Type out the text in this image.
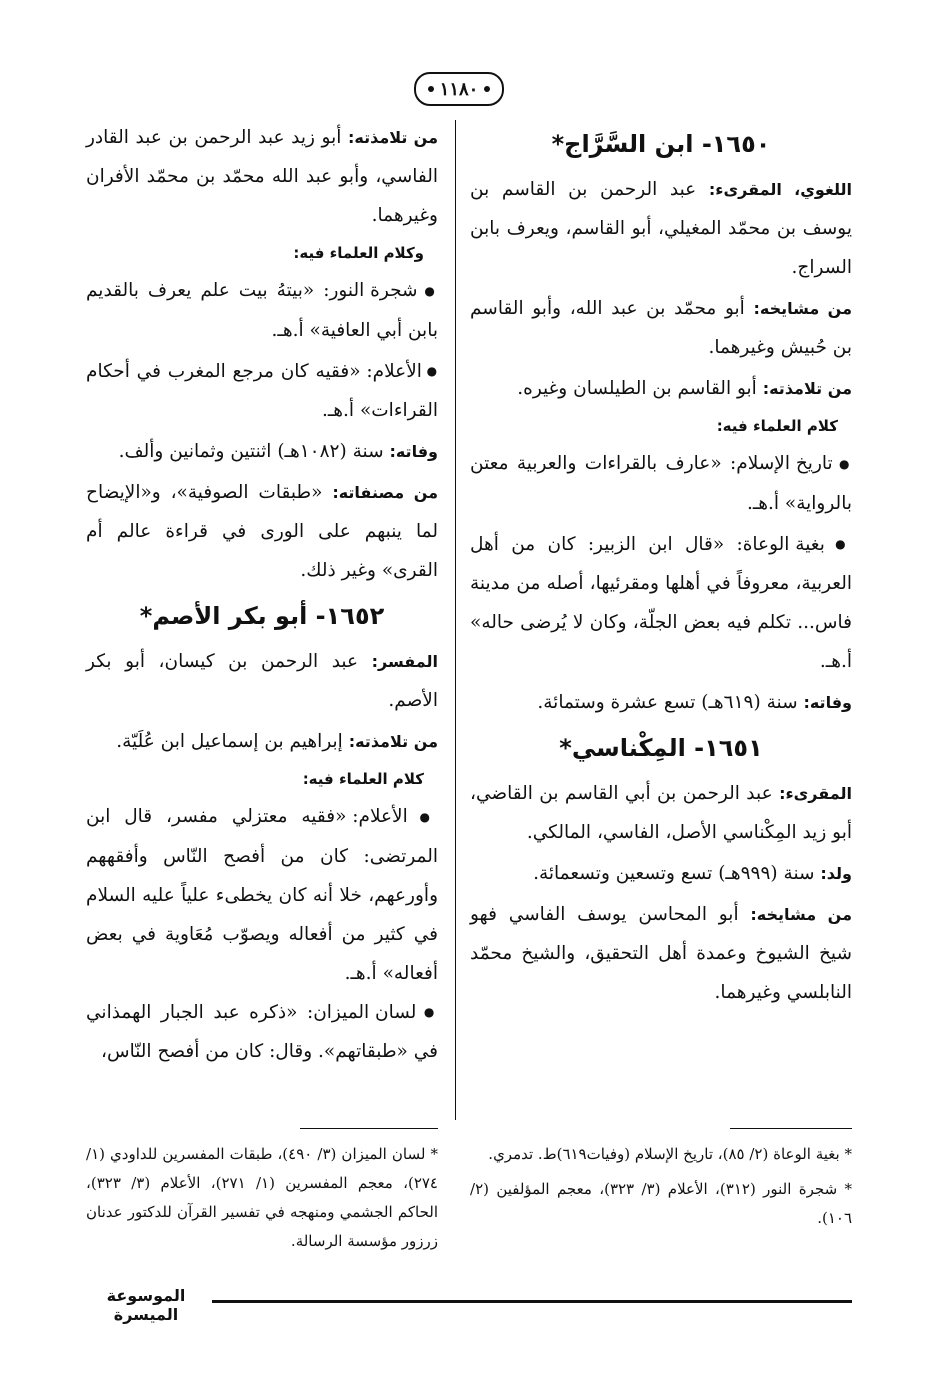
١١٨٠
١٦٥٠- ابن السَّرَّاج*

اللغوي، المقرىء: عبد الرحمن بن القاسم بن يوسف بن محمّد المغيلي، أبو القاسم، ويعرف بابن السراج.

من مشايخه: أبو محمّد بن عبد الله، وأبو القاسم بن حُبيش وغيرهما.

من تلامذته: أبو القاسم بن الطيلسان وغيره.

كلام العلماء فيه:

● تاريخ الإسلام: «عارف بالقراءات والعربية معتن بالرواية» أ.هـ.

● بغية الوعاة: «قال ابن الزبير: كان من أهل العربية، معروفاً في أهلها ومقرئيها، أصله من مدينة فاس... تكلم فيه بعض الجلّة، وكان لا يُرضى حاله» أ.هـ.

وفاته: سنة (٦١٩هـ) تسع عشرة وستمائة.

١٦٥١- المِكْناسي*

المقرىء: عبد الرحمن بن أبي القاسم بن القاضي، أبو زيد المِكْناسي الأصل، الفاسي، المالكي.

ولد: سنة (٩٩٩هـ) تسع وتسعين وتسعمائة.

من مشايخه: أبو المحاسن يوسف الفاسي فهو شيخ الشيوخ وعمدة أهل التحقيق، والشيخ محمّد النابلسي وغيرهما.

من تلامذته: أبو زيد عبد الرحمن بن عبد القادر الفاسي، وأبو عبد الله محمّد بن محمّد الأفران وغيرهما.

وكلام العلماء فيه:

● شجرة النور: «بيتهُ بيت علم يعرف بالقديم بابن أبي العافية» أ.هـ.

● الأعلام: «فقيه كان مرجع المغرب في أحكام القراءات» أ.هـ.

وفاته: سنة (١٠٨٢هـ) اثنتين وثمانين وألف.

من مصنفاته: «طبقات الصوفية»، و«الإيضاح لما ينبهم على الورى في قراءة عالم أم القرى» وغير ذلك.

١٦٥٢- أبو بكر الأصم*

المفسر: عبد الرحمن بن كيسان، أبو بكر الأصم.

من تلامذته: إبراهيم بن إسماعيل ابن عُلَيّة.

كلام العلماء فيه:

● الأعلام: «فقيه معتزلي مفسر، قال ابن المرتضى: كان من أفصح النّاس وأفقههم وأورعهم، خلا أنه كان يخطىء علياً عليه السلام في كثير من أفعاله ويصوّب مُعَاوية في بعض أفعاله» أ.هـ.

● لسان الميزان: «ذكره عبد الجبار الهمذاني في «طبقاتهم». وقال: كان من أفصح النّاس،

* بغية الوعاة (٢/ ٨٥)، تاريخ الإسلام (وفيات٦١٩)ط. تدمري.

* شجرة النور (٣١٢)، الأعلام (٣/ ٣٢٣)، معجم المؤلفين (٢/ ١٠٦).

* لسان الميزان (٣/ ٤٩٠)، طبقات المفسرين للداودي (١/ ٢٧٤)، معجم المفسرين (١/ ٢٧١)، الأعلام (٣/ ٣٢٣)، الحاكم الجشمي ومنهجه في تفسير القرآن للدكتور عدنان زرزور مؤسسة الرسالة.

الموسوعة الميسرة
